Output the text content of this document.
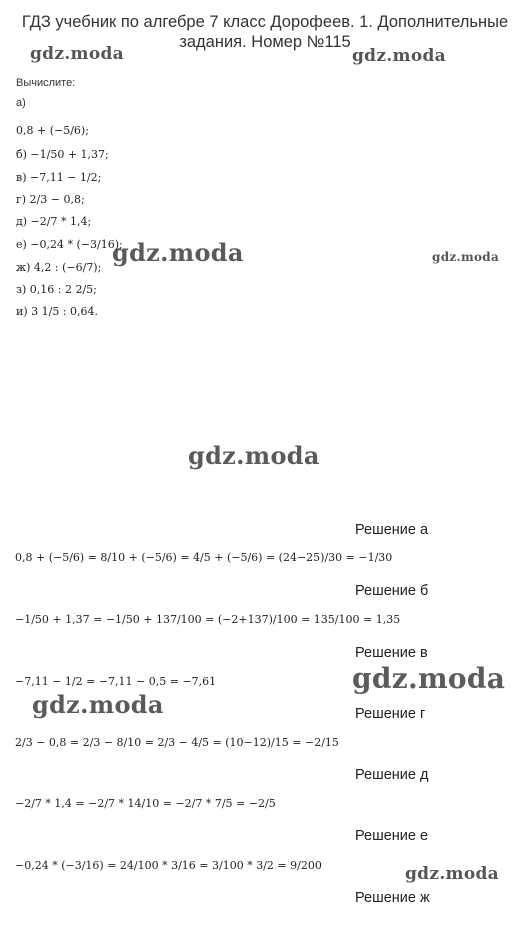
ГДЗ учебник по алгебре 7 класс Дорофеев. 1. Дополнительные
задания. Номер №115
gdz.moda	gdz.moda
gdz.moda	gdz.moda
gdz.moda
gdz.moda
gdz.moda
gdz.moda
Вычислите:
а)
0,8 + (−5/6);
б) −1/50 + 1,37;
в) −7,11 − 1/2;
г) 2/3 − 0,8;
д) −2/7 * 1,4;
е) −0,24 * (−3/16);
ж) 4,2 : (−6/7);
з) 0,16 : 2 2/5;
и) 3 1/5 : 0,64.
Решение а
0,8 + (−5/6) = 8/10 + (−5/6) = 4/5 + (−5/6) = (24−25)/30 = −1/30
Решение б
−1/50 + 1,37 = −1/50 + 137/100 = (−2+137)/100 = 135/100 = 1,35
Решение в
−7,11 − 1/2 = −7,11 − 0,5 = −7,61
Решение г
2/3 − 0,8 = 2/3 − 8/10 = 2/3 − 4/5 = (10−12)/15 = −2/15
Решение д
−2/7 * 1,4 = −2/7 * 14/10 = −2/7 * 7/5 = −2/5
Решение е
−0,24 * (−3/16) = 24/100 * 3/16 = 3/100 * 3/2 = 9/200
Решение ж
